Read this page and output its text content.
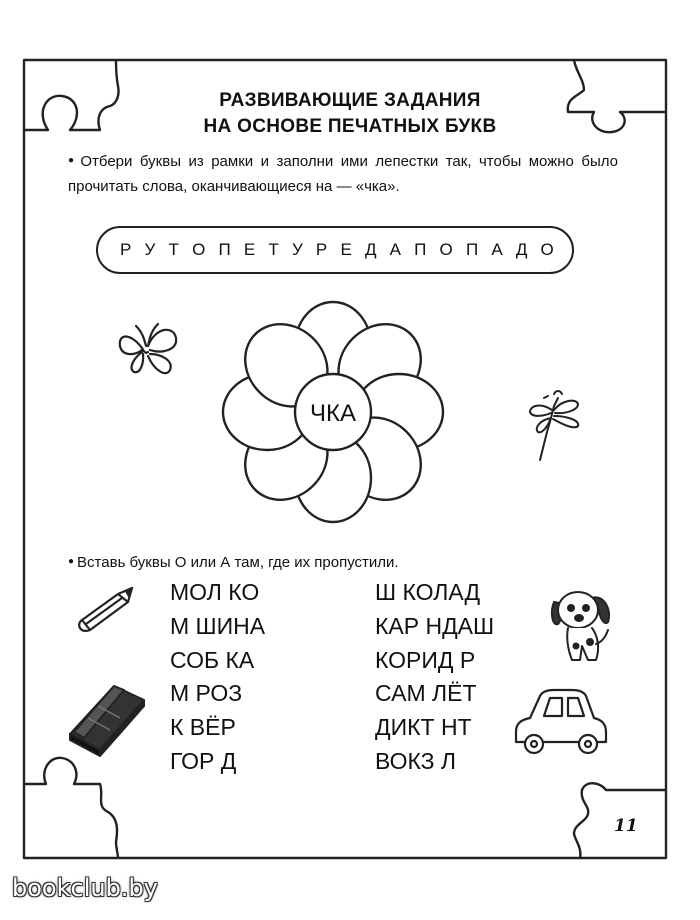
РАЗВИВАЮЩИЕ ЗАДАНИЯ
НА ОСНОВЕ ПЕЧАТНЫХ БУКВ
● Отбери буквы из рамки и заполни ими лепестки так, чтобы можно было прочитать слова, оканчивающиеся на — «чка».
Р У Т О П Е Т У Р Е Д А П О П А Д О
ЧКА
● Вставь буквы О или А там, где их пропустили.
МОЛ КО
М ШИНА
СОБ КА
М РОЗ
К ВЁР
ГОР Д
Ш КОЛАД
КАР НДАШ
КОРИД Р
САМ ЛЁТ
ДИКТ НТ
ВОКЗ Л
11
bookclub.by
